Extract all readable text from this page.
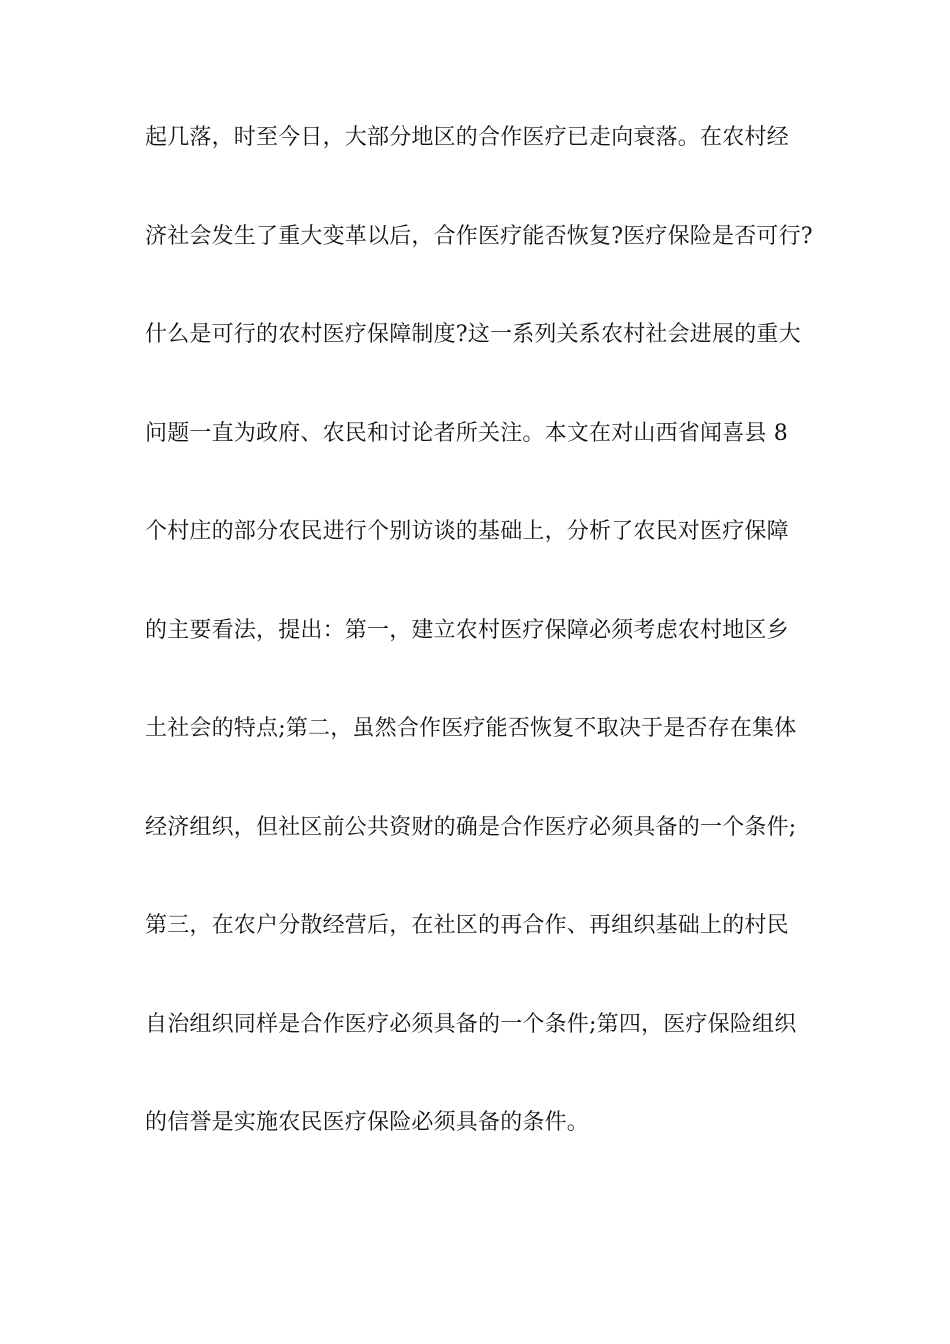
起几落，时至今日，大部分地区的合作医疗已走向衰落。在农村经
济社会发生了重大变革以后，合作医疗能否恢复?医疗保险是否可行?
什么是可行的农村医疗保障制度?这一系列关系农村社会进展的重大
问题一直为政府、农民和讨论者所关注。本文在对山西省闻喜县 8
个村庄的部分农民进行个别访谈的基础上，分析了农民对医疗保障
的主要看法，提出：第一，建立农村医疗保障必须考虑农村地区乡
土社会的特点;第二，虽然合作医疗能否恢复不取决于是否存在集体
经济组织，但社区前公共资财的确是合作医疗必须具备的一个条件;
第三，在农户分散经营后，在社区的再合作、再组织基础上的村民
自治组织同样是合作医疗必须具备的一个条件;第四，医疗保险组织
的信誉是实施农民医疗保险必须具备的条件。
